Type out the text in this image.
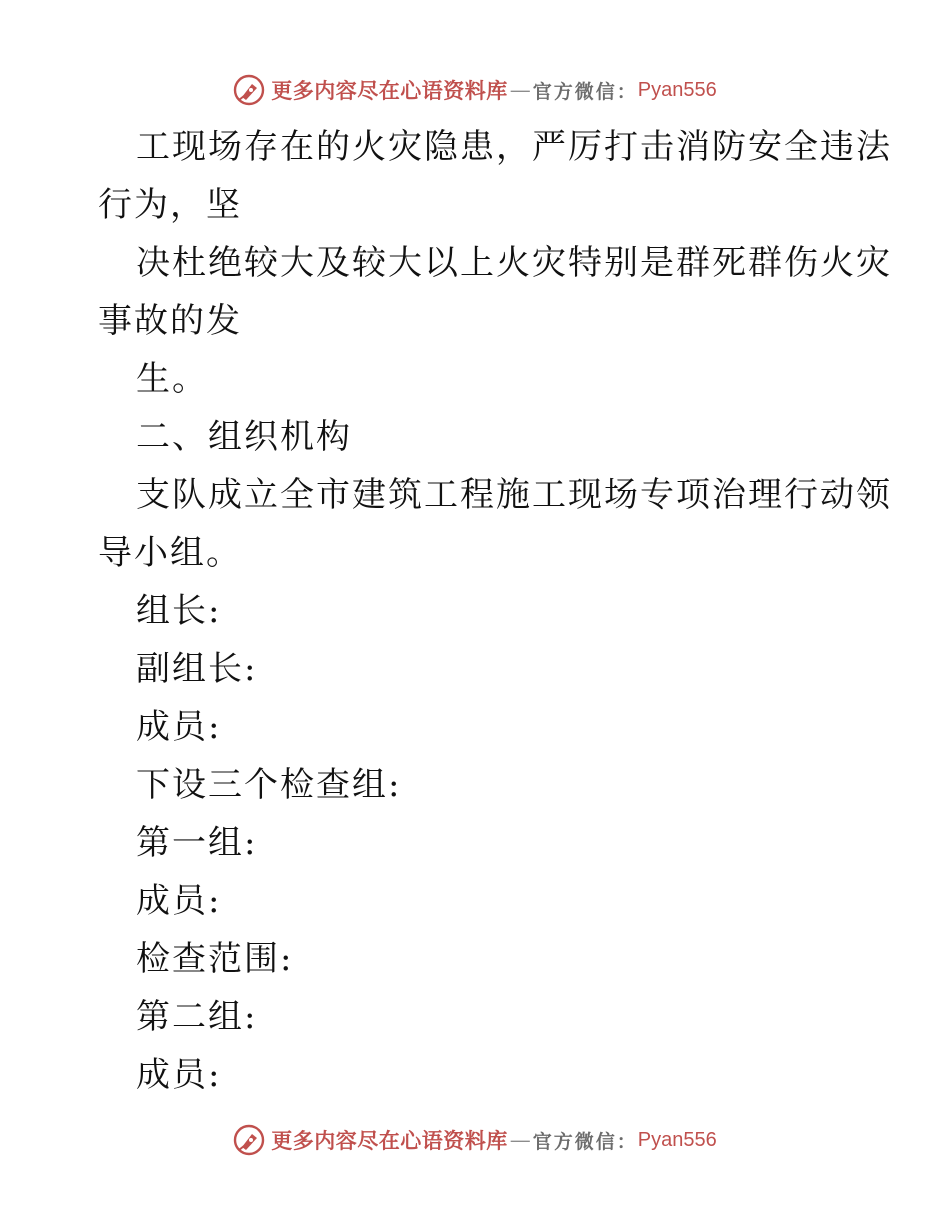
更多内容尽在心语资料库 — 官方微信： Pyan556
工现场存在的火灾隐患，严厉打击消防安全违法
行为，坚
决杜绝较大及较大以上火灾特别是群死群伤火灾
事故的发
生。
二、组织机构
支队成立全市建筑工程施工现场专项治理行动领
导小组。
组长:
副组长:
成员:
下设三个检查组:
第一组:
成员:
检查范围:
第二组:
成员:
更多内容尽在心语资料库 — 官方微信： Pyan556
